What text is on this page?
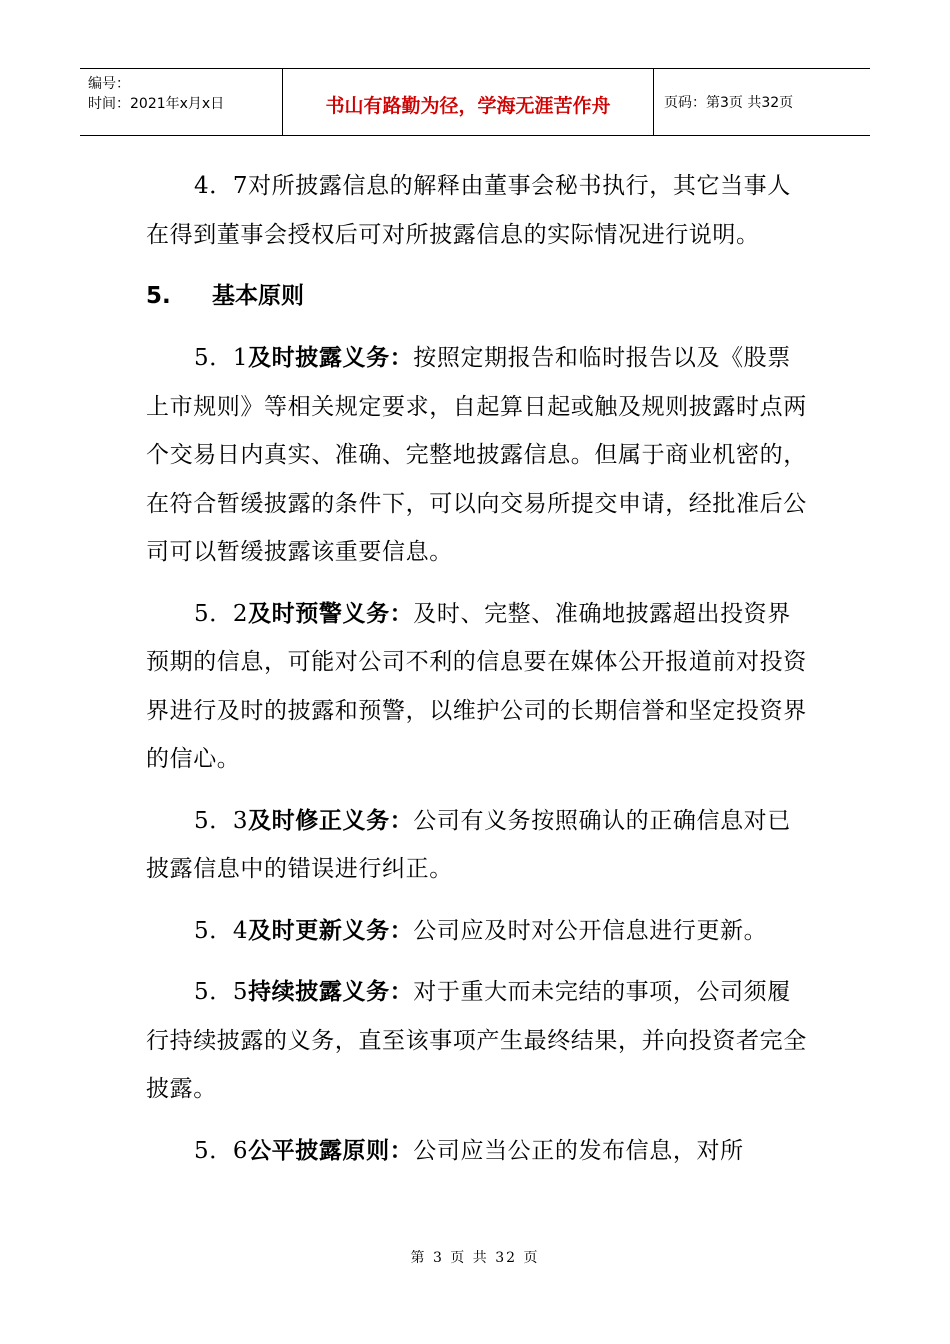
编号：
时间：2021年x月x日	书山有路勤为径，学海无涯苦作舟	页码：第3页 共32页

4．7对所披露信息的解释由董事会秘书执行，其它当事人在得到董事会授权后可对所披露信息的实际情况进行说明。

5. 基本原则

5．1及时披露义务：按照定期报告和临时报告以及《股票上市规则》等相关规定要求，自起算日起或触及规则披露时点两个交易日内真实、准确、完整地披露信息。但属于商业机密的，在符合暂缓披露的条件下，可以向交易所提交申请，经批准后公司可以暂缓披露该重要信息。

5．2及时预警义务：及时、完整、准确地披露超出投资界预期的信息，可能对公司不利的信息要在媒体公开报道前对投资界进行及时的披露和预警，以维护公司的长期信誉和坚定投资界的信心。

5．3及时修正义务：公司有义务按照确认的正确信息对已披露信息中的错误进行纠正。

5．4及时更新义务：公司应及时对公开信息进行更新。

5．5持续披露义务：对于重大而未完结的事项，公司须履行持续披露的义务，直至该事项产生最终结果，并向投资者完全披露。

5．6公平披露原则：公司应当公正的发布信息，对所

第 3 页 共 32 页
